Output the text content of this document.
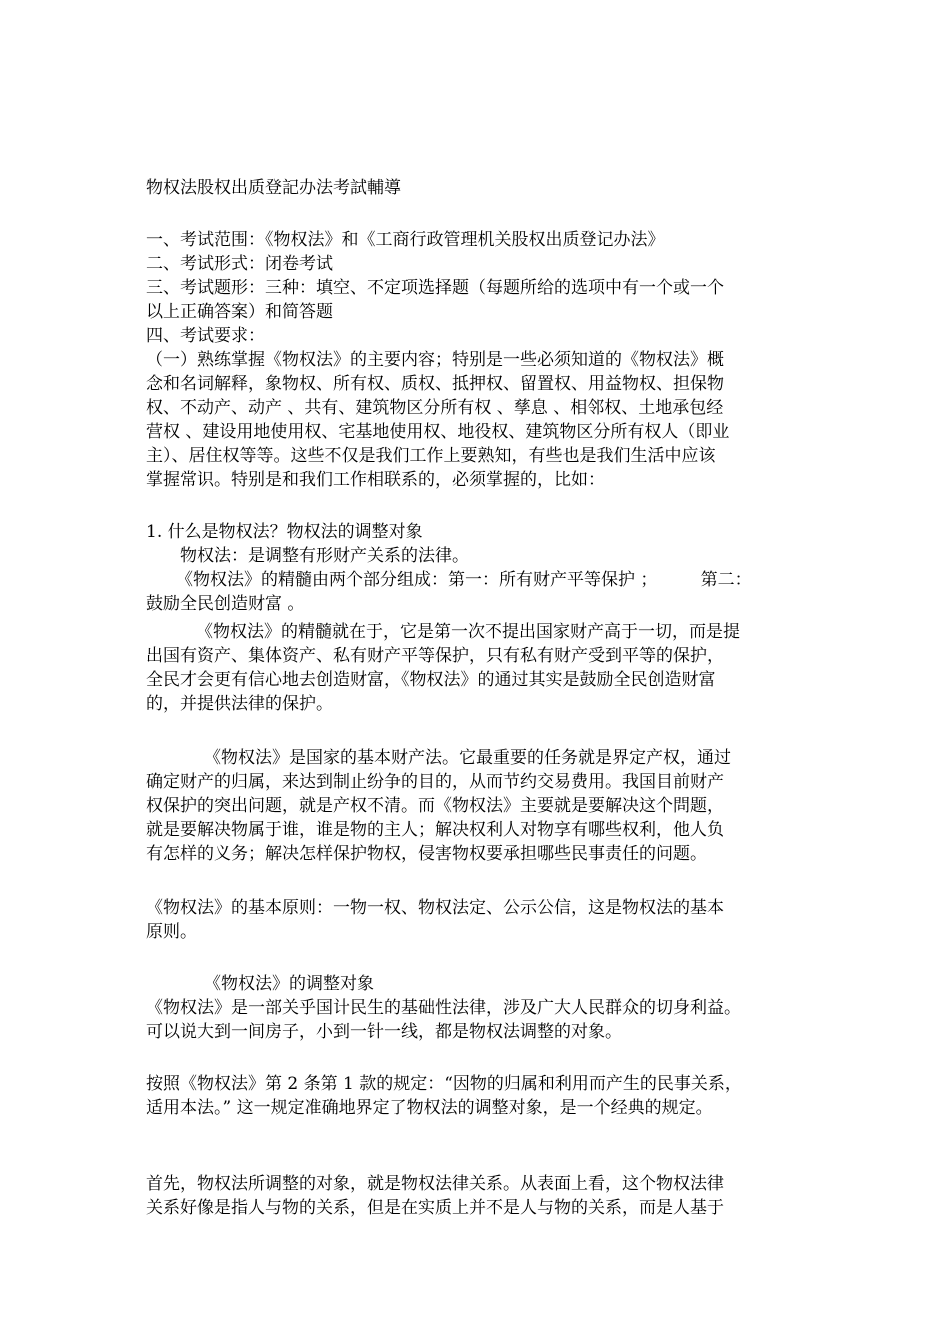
物权法股权出质登記办法考試輔導
一、考试范围：《物权法》和《工商行政管理机关股权出质登记办法》
二、考试形式：闭卷考试
三、考试题形：三种：填空、不定项选择题（每题所给的选项中有一个或一个
以上正确答案）和简答题
四、考试要求：
（一）熟练掌握《物权法》的主要内容；特别是一些必须知道的《物权法》概
念和名词解释，象物权、所有权、质权、抵押权、留置权、用益物权、担保物
权、不动产、动产 、共有、建筑物区分所有权 、孳息 、相邻权、土地承包经
营权 、建设用地使用权、宅基地使用权、地役权、建筑物区分所有权人（即业
主）、居住权等等。这些不仅是我们工作上要熟知，有些也是我们生活中应该
掌握常识。特别是和我们工作相联系的，必须掌握的，比如：
1. 什么是物权法？物权法的调整对象
物权法：是调整有形财产关系的法律。
《物权法》的精髓由两个部分组成：第一：所有财产平等保护 ；        第二：
鼓励全民创造财富 。
《物权法》的精髓就在于，它是第一次不提出国家财产高于一切，而是提
出国有资产、集体资产、私有财产平等保护，只有私有财产受到平等的保护，
全民才会更有信心地去创造财富，《物权法》的通过其实是鼓励全民创造财富
的，并提供法律的保护。
《物权法》是国家的基本财产法。它最重要的任务就是界定产权，通过
确定财产的归属，来达到制止纷争的目的，从而节约交易费用。我国目前财产
权保护的突出问题，就是产权不清。而《物权法》主要就是要解决这个問题，
就是要解决物属于谁，谁是物的主人；解决权利人对物享有哪些权利，他人负
有怎样的义务；解决怎样保护物权，侵害物权要承担哪些民事责任的问题。
《物权法》的基本原则：一物一权、物权法定、公示公信，这是物权法的基本
原则。
《物权法》的调整对象
《物权法》是一部关乎国计民生的基础性法律，涉及广大人民群众的切身利益。
可以说大到一间房子，小到一针一线，都是物权法调整的对象。
按照《物权法》第 2 条第 1 款的规定：“因物的归属和利用而产生的民事关系，
适用本法。” 这一规定准确地界定了物权法的调整对象，是一个经典的规定。
首先，物权法所调整的对象，就是物权法律关系。从表面上看，这个物权法律
关系好像是指人与物的关系，但是在实质上并不是人与物的关系，而是人基于
